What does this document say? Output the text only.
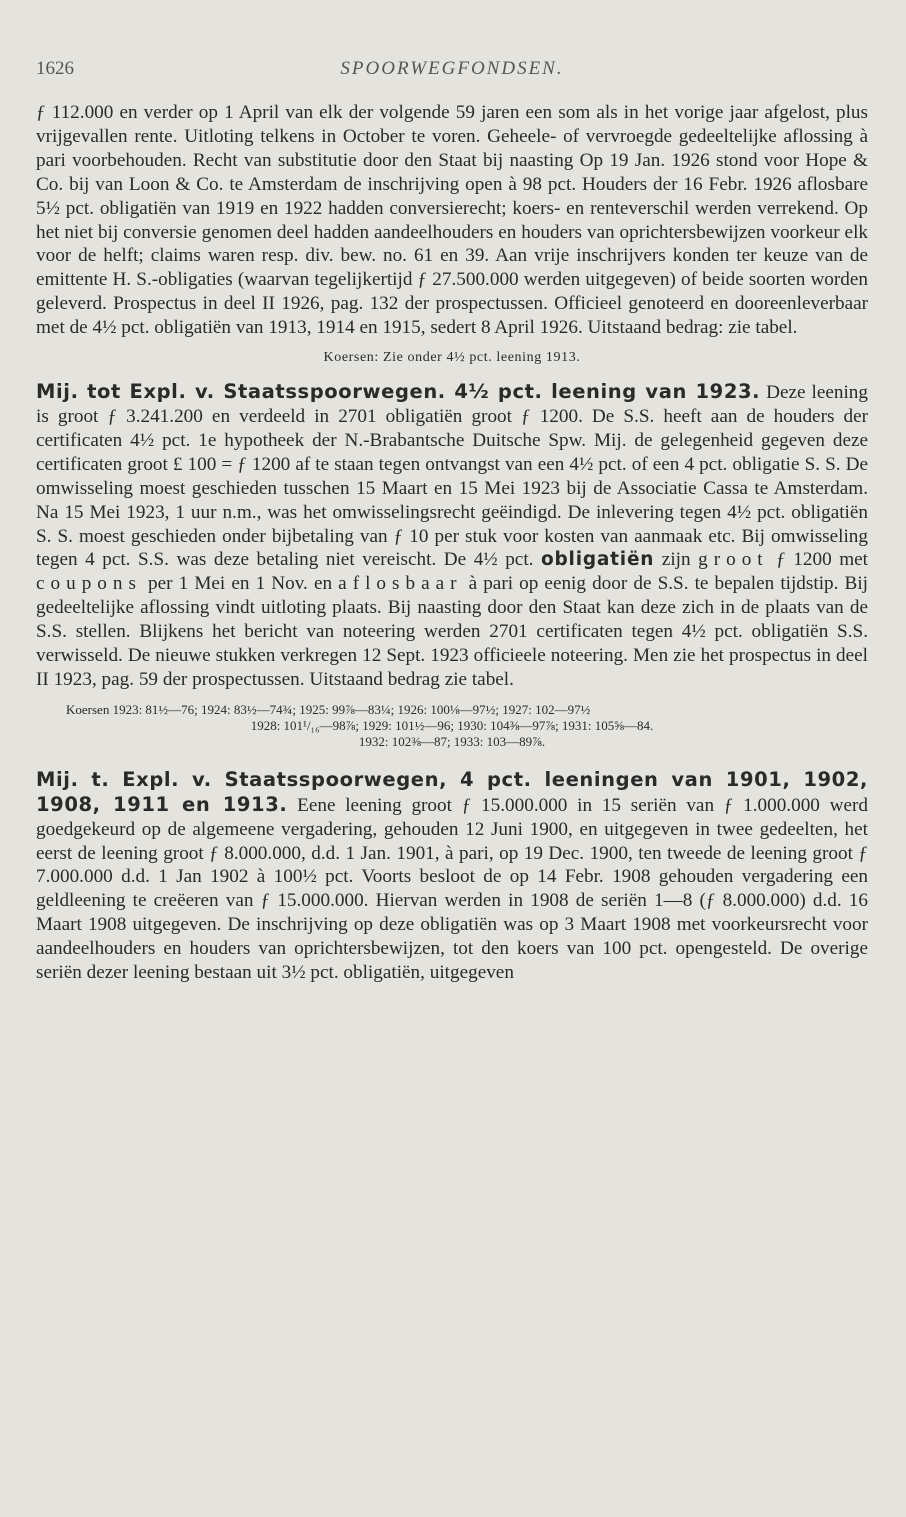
1626	SPOORWEGFONDSEN.

ƒ 112.000 en verder op 1 April van elk der volgende 59 jaren een som als in het vorige jaar afgelost, plus vrijgevallen rente. Uitloting telkens in October te voren. Geheele- of vervroegde gedeeltelijke aflossing à pari voorbehouden. Recht van substitutie door den Staat bij naasting Op 19 Jan. 1926 stond voor Hope & Co. bij van Loon & Co. te Amsterdam de inschrijving open à 98 pct. Houders der 16 Febr. 1926 aflosbare 5½ pct. obligatiën van 1919 en 1922 hadden conversierecht; koers- en renteverschil werden verrekend. Op het niet bij conversie genomen deel hadden aandeelhouders en houders van oprichtersbewijzen voorkeur elk voor de helft; claims waren resp. div. bew. no. 61 en 39. Aan vrije inschrijvers konden ter keuze van de emittente H. S.-obligaties (waarvan tegelijkertijd ƒ 27.500.000 werden uitgegeven) of beide soorten worden geleverd. Prospectus in deel II 1926, pag. 132 der prospectussen. Officieel genoteerd en dooreenleverbaar met de 4½ pct. obligatiën van 1913, 1914 en 1915, sedert 8 April 1926. Uitstaand bedrag: zie tabel.

Koersen: Zie onder 4½ pct. leening 1913.

Mij. tot Expl. v. Staatsspoorwegen. 4½ pct. leening van 1923. Deze leening is groot ƒ 3.241.200 en verdeeld in 2701 obligatiën groot ƒ 1200. De S.S. heeft aan de houders der certificaten 4½ pct. 1e hypotheek der N.-Brabantsche Duitsche Spw. Mij. de gelegenheid gegeven deze certificaten groot £ 100 = ƒ 1200 af te staan tegen ontvangst van een 4½ pct. of een 4 pct. obligatie S. S. De omwisseling moest geschieden tusschen 15 Maart en 15 Mei 1923 bij de Associatie Cassa te Amsterdam. Na 15 Mei 1923, 1 uur n.m., was het omwisselingsrecht geëindigd. De inlevering tegen 4½ pct. obligatiën S. S. moest geschieden onder bijbetaling van ƒ 10 per stuk voor kosten van aanmaak etc. Bij omwisseling tegen 4 pct. S.S. was deze betaling niet vereischt. De 4½ pct. obligatiën zijn groot ƒ 1200 met coupons per 1 Mei en 1 Nov. en aflosbaar à pari op eenig door de S.S. te bepalen tijdstip. Bij gedeeltelijke aflossing vindt uitloting plaats. Bij naasting door den Staat kan deze zich in de plaats van de S.S. stellen. Blijkens het bericht van noteering werden 2701 certificaten tegen 4½ pct. obligatiën S.S. verwisseld. De nieuwe stukken verkregen 12 Sept. 1923 officieele noteering. Men zie het prospectus in deel II 1923, pag. 59 der prospectussen. Uitstaand bedrag zie tabel.

Koersen 1923: 81½—76; 1924: 83½—74¾; 1925: 99⅞—83¼; 1926: 100⅛—97½; 1927: 102—97½
1928: 101¹/₁₆—98⅞; 1929: 101½—96; 1930: 104⅜—97⅞; 1931: 105⅝—84.
1932: 102⅜—87; 1933: 103—89⅞.

Mij. t. Expl. v. Staatsspoorwegen, 4 pct. leeningen van 1901, 1902, 1908, 1911 en 1913. Eene leening groot ƒ 15.000.000 in 15 seriën van ƒ 1.000.000 werd goedgekeurd op de algemeene vergadering, gehouden 12 Juni 1900, en uitgegeven in twee gedeelten, het eerst de leening groot ƒ 8.000.000, d.d. 1 Jan. 1901, à pari, op 19 Dec. 1900, ten tweede de leening groot ƒ 7.000.000 d.d. 1 Jan 1902 à 100½ pct. Voorts besloot de op 14 Febr. 1908 gehouden vergadering een geldleening te creëeren van ƒ 15.000.000. Hiervan werden in 1908 de seriën 1—8 (ƒ 8.000.000) d.d. 16 Maart 1908 uitgegeven. De inschrijving op deze obligatiën was op 3 Maart 1908 met voorkeursrecht voor aandeelhouders en houders van oprichtersbewijzen, tot den koers van 100 pct. opengesteld. De overige seriën dezer leening bestaan uit 3½ pct. obligatiën, uitgegeven
